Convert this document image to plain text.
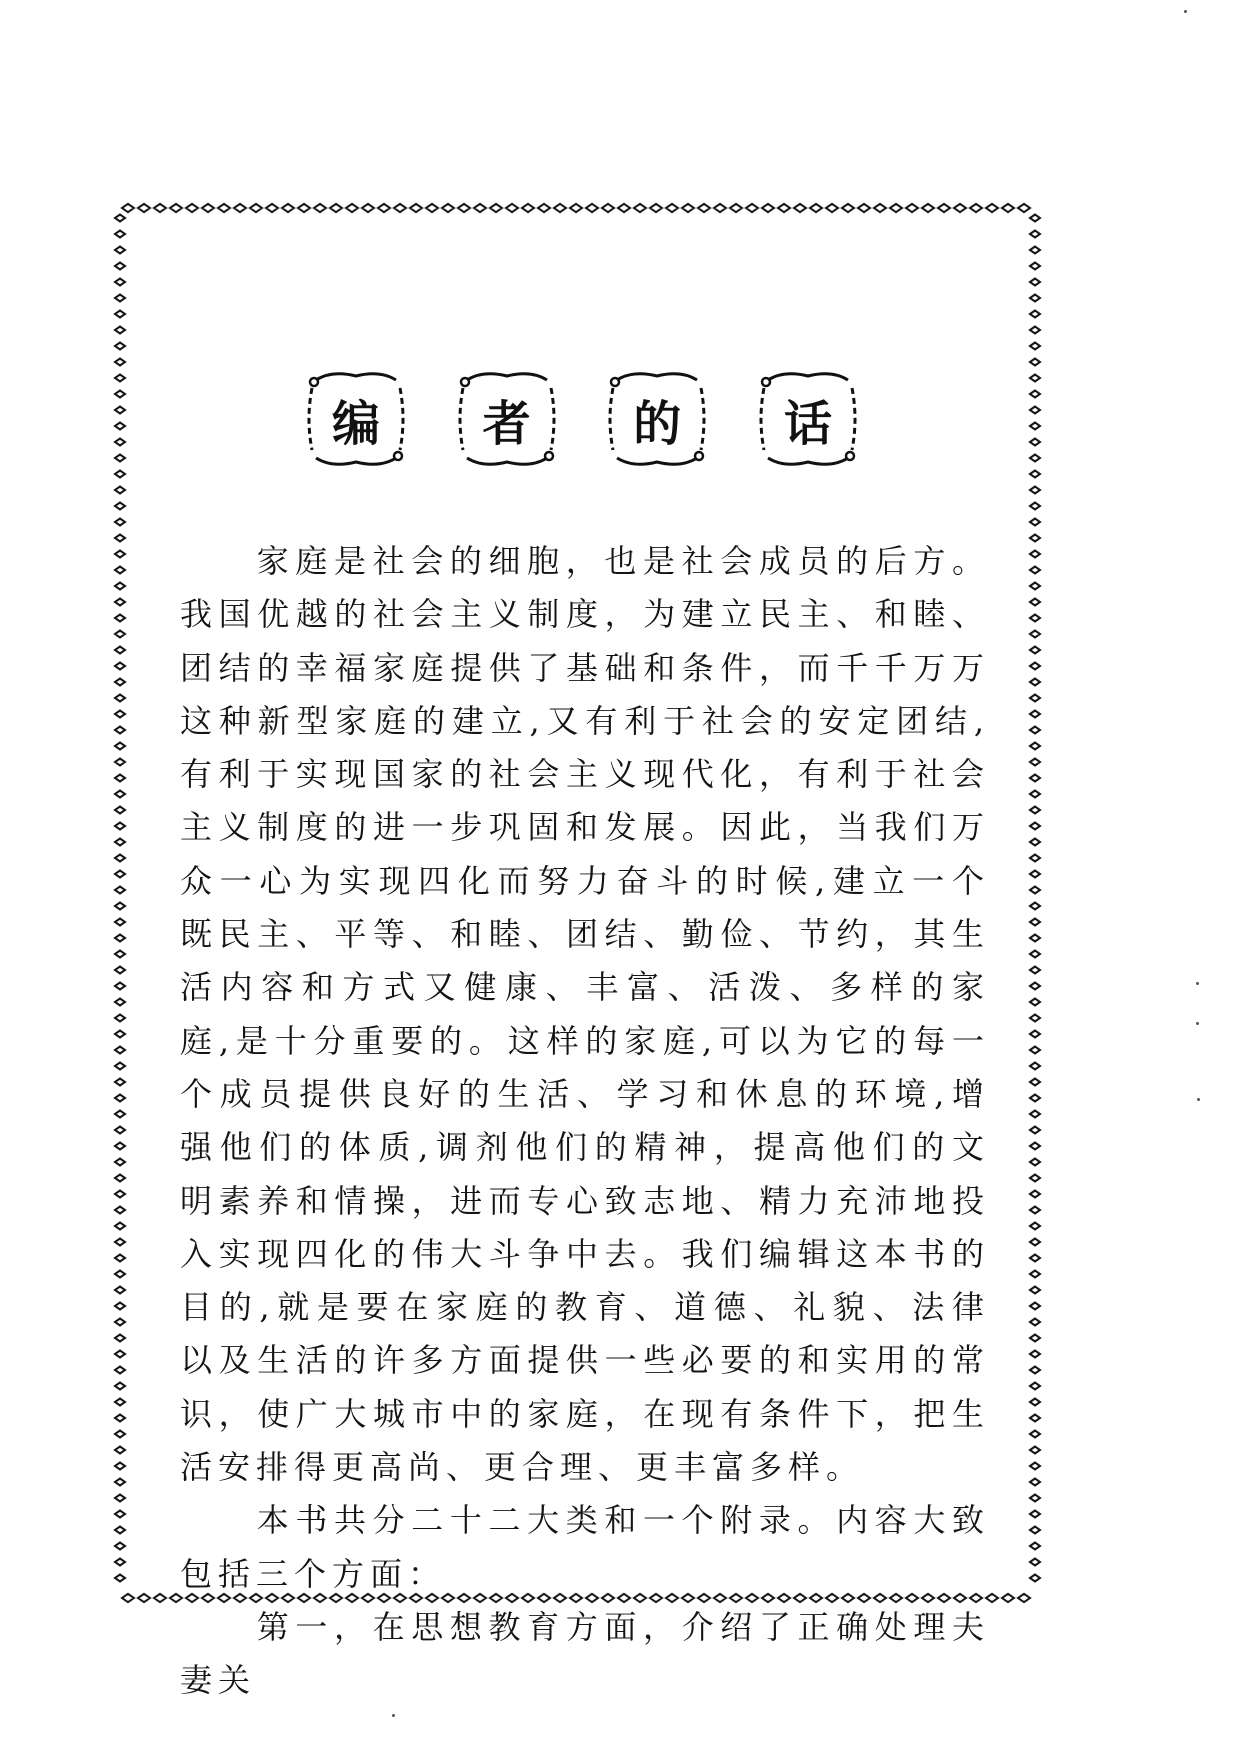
编	者	的	话

家庭是社会的细胞，也是社会成员的后方。我国优越的社会主义制度，为建立民主、和睦、团结的幸福家庭提供了基础和条件，而千千万万这种新型家庭的建立,又有利于社会的安定团结,有利于实现国家的社会主义现代化，有利于社会主义制度的进一步巩固和发展。因此，当我们万众一心为实现四化而努力奋斗的时候,建立一个既民主、平等、和睦、团结、勤俭、节约，其生活内容和方式又健康、丰富、活泼、多样的家庭,是十分重要的。这样的家庭,可以为它的每一个成员提供良好的生活、学习和休息的环境,增强他们的体质,调剂他们的精神，提高他们的文明素养和情操，进而专心致志地、精力充沛地投入实现四化的伟大斗争中去。我们编辑这本书的目的,就是要在家庭的教育、道德、礼貌、法律以及生活的许多方面提供一些必要的和实用的常识，使广大城市中的家庭，在现有条件下，把生活安排得更高尚、更合理、更丰富多样。

本书共分二十二大类和一个附录。内容大致包括三个方面：

第一，在思想教育方面，介绍了正确处理夫妻关
